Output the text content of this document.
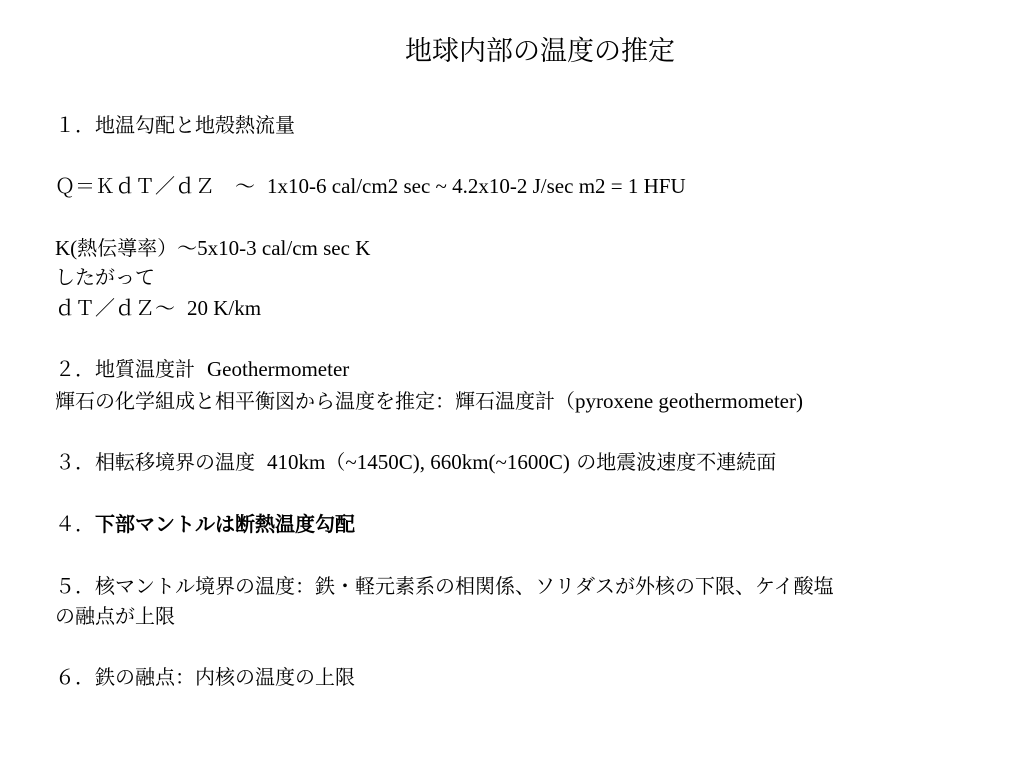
地球内部の温度の推定
１．地温勾配と地殻熱流量
Ｑ＝ＫｄＴ／ｄＺ　～ 1x10-6 cal/cm2 sec ~ 4.2x10-2 J/sec m2 = 1 HFU
K(熱伝導率）～5x10-3 cal/cm sec K
したがって
ｄＴ／ｄＺ～ 20 K/km
２．地質温度計 Geothermometer
輝石の化学組成と相平衡図から温度を推定：輝石温度計（pyroxene geothermometer)
３．相転移境界の温度 410km（~1450C), 660km(~1600C) の地震波速度不連続面
４．下部マントルは断熱温度勾配
５．核マントル境界の温度：鉄・軽元素系の相関係、ソリダスが外核の下限、ケイ酸塩
の融点が上限
６．鉄の融点：内核の温度の上限
